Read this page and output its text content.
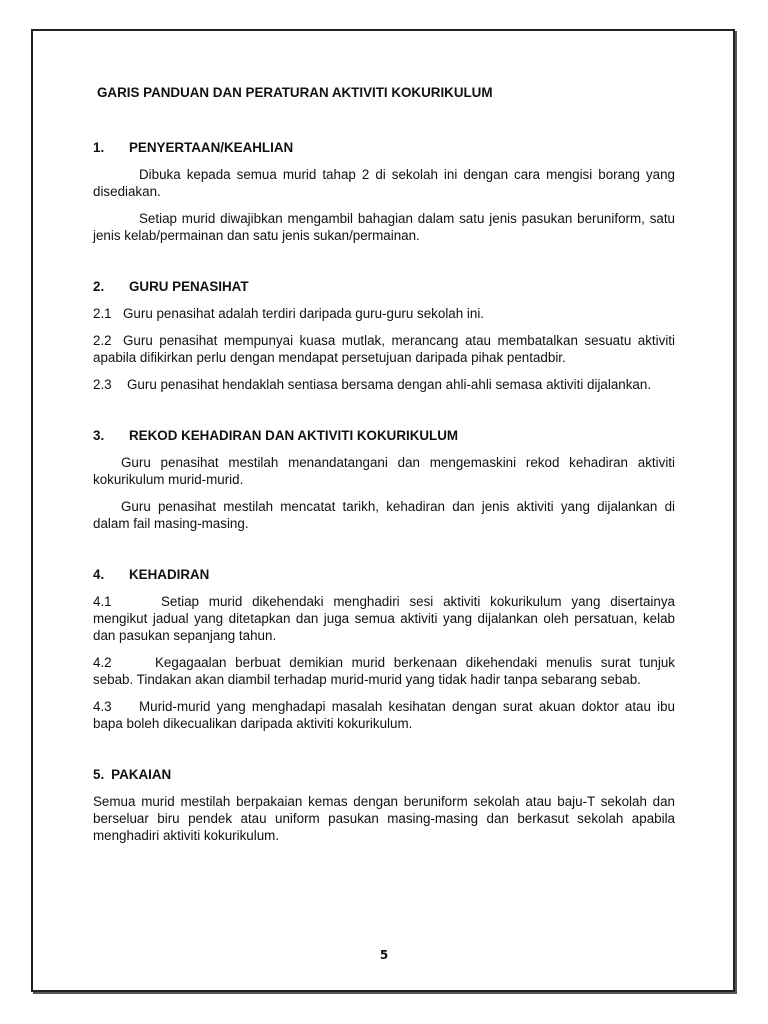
GARIS PANDUAN DAN PERATURAN AKTIVITI KOKURIKULUM

1. PENYERTAAN/KEAHLIAN

Dibuka kepada semua murid tahap 2 di sekolah ini dengan cara mengisi borang yang disediakan.

Setiap murid diwajibkan mengambil bahagian dalam satu jenis pasukan beruniform, satu jenis kelab/permainan dan satu jenis sukan/permainan.

2. GURU PENASIHAT

2.1 Guru penasihat adalah terdiri daripada guru-guru sekolah ini.

2.2 Guru penasihat mempunyai kuasa mutlak, merancang atau membatalkan sesuatu aktiviti apabila difikirkan perlu dengan mendapat persetujuan daripada pihak pentadbir.

2.3 Guru penasihat hendaklah sentiasa bersama dengan ahli-ahli semasa aktiviti dijalankan.

3. REKOD KEHADIRAN DAN AKTIVITI KOKURIKULUM

Guru penasihat mestilah menandatangani dan mengemaskini rekod kehadiran aktiviti kokurikulum murid-murid.

Guru penasihat mestilah mencatat tarikh, kehadiran dan jenis aktiviti yang dijalankan di dalam fail masing-masing.

4. KEHADIRAN

4.1	Setiap murid dikehendaki menghadiri sesi aktiviti kokurikulum yang disertainya mengikut jadual yang ditetapkan dan juga semua aktiviti yang dijalankan oleh persatuan, kelab dan pasukan sepanjang tahun.

4.2	Kegagaalan berbuat demikian murid berkenaan dikehendaki menulis surat tunjuk sebab. Tindakan akan diambil terhadap murid-murid yang tidak hadir tanpa sebarang sebab.

4.3 Murid-murid yang menghadapi masalah kesihatan dengan surat akuan doktor atau ibu bapa boleh dikecualikan daripada aktiviti kokurikulum.

5. PAKAIAN

Semua murid mestilah berpakaian kemas dengan beruniform sekolah atau baju-T sekolah dan berseluar biru pendek atau uniform pasukan masing-masing dan berkasut sekolah apabila menghadiri aktiviti kokurikulum.

5
